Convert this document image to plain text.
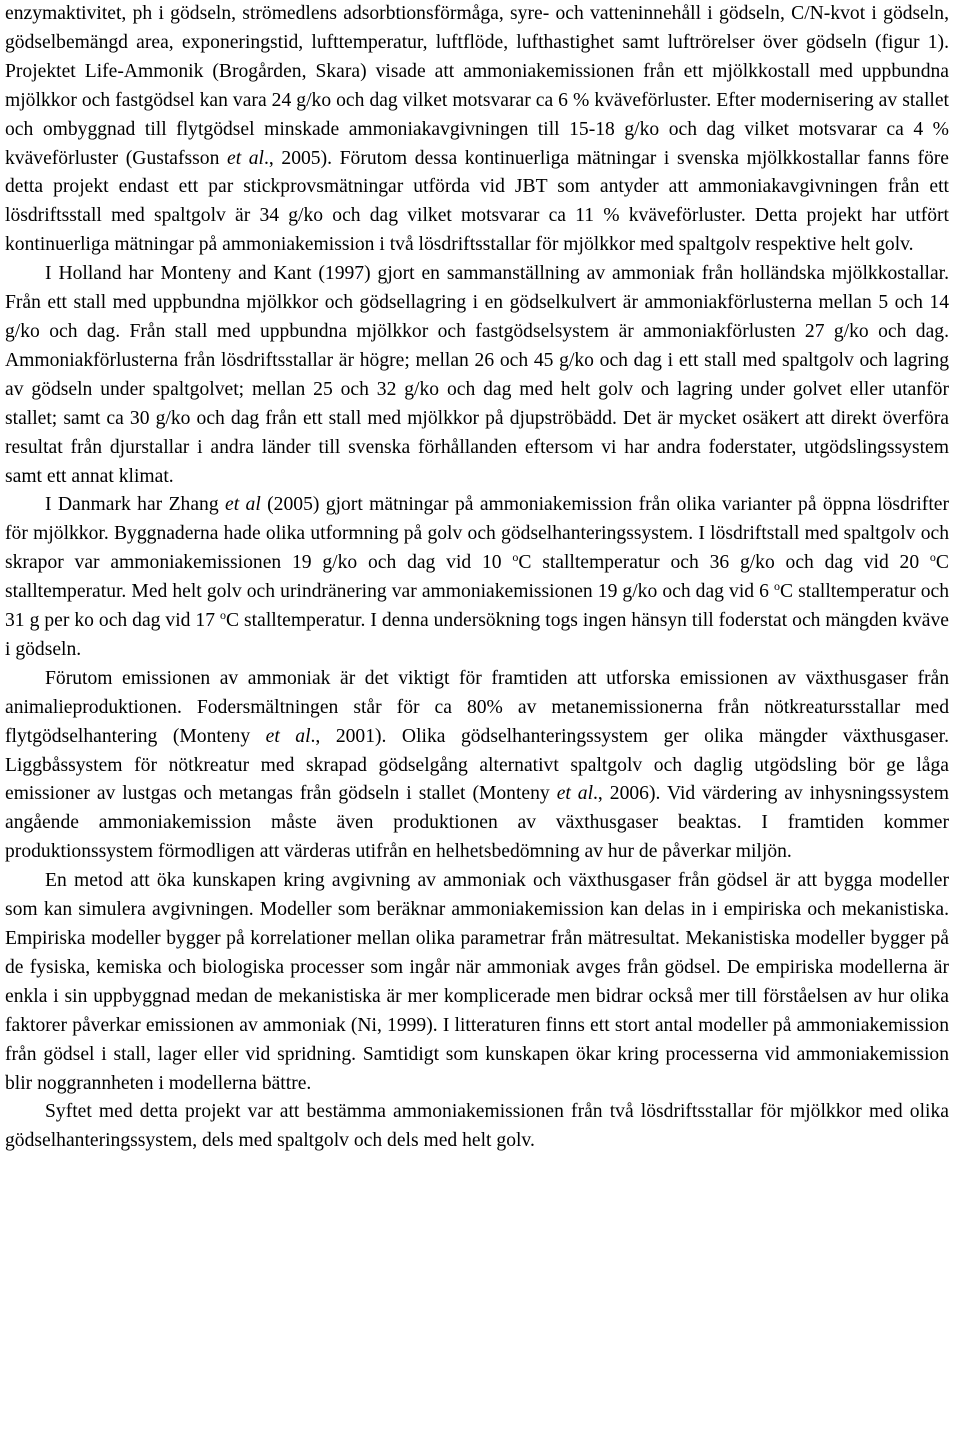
enzymaktivitet, ph i gödseln, strömedlens adsorbtionsförmåga, syre- och vatteninnehåll i gödseln, C/N-kvot i gödseln, gödselbemängd area, exponeringstid, lufttemperatur, luftflöde, lufthastighet samt luftrörelser över gödseln (figur 1). Projektet Life-Ammonik (Brogården, Skara) visade att ammoniakemissionen från ett mjölkkostall med uppbundna mjölkkor och fastgödsel kan vara 24 g/ko och dag vilket motsvarar ca 6 % kväveförluster. Efter modernisering av stallet och ombyggnad till flytgödsel minskade ammoniakavgivningen till 15-18 g/ko och dag vilket motsvarar ca 4 % kväveförluster (Gustafsson et al., 2005). Förutom dessa kontinuerliga mätningar i svenska mjölkkostallar fanns före detta projekt endast ett par stickprovsmätningar utförda vid JBT som antyder att ammoniakavgivningen från ett lösdriftsstall med spaltgolv är 34 g/ko och dag vilket motsvarar ca 11 % kväveförluster. Detta projekt har utfört kontinuerliga mätningar på ammoniakemission i två lösdriftsstallar för mjölkkor med spaltgolv respektive helt golv.

I Holland har Monteny and Kant (1997) gjort en sammanställning av ammoniak från holländska mjölkkostallar. Från ett stall med uppbundna mjölkkor och gödsellagring i en gödselkulvert är ammoniakförlusterna mellan 5 och 14 g/ko och dag. Från stall med uppbundna mjölkkor och fastgödselsystem är ammoniakförlusten 27 g/ko och dag. Ammoniakförlusterna från lösdriftsstallar är högre; mellan 26 och 45 g/ko och dag i ett stall med spaltgolv och lagring av gödseln under spaltgolvet; mellan 25 och 32 g/ko och dag med helt golv och lagring under golvet eller utanför stallet; samt ca 30 g/ko och dag från ett stall med mjölkkor på djupströbädd. Det är mycket osäkert att direkt överföra resultat från djurstallar i andra länder till svenska förhållanden eftersom vi har andra foderstater, utgödslingssystem samt ett annat klimat.

I Danmark har Zhang et al (2005) gjort mätningar på ammoniakemission från olika varianter på öppna lösdrifter för mjölkkor. Byggnaderna hade olika utformning på golv och gödselhanteringssystem. I lösdriftstall med spaltgolv och skrapor var ammoniakemissionen 19 g/ko och dag vid 10 $^o$C stalltemperatur och 36 g/ko och dag vid 20 $^o$C stalltemperatur. Med helt golv och urindränering var ammoniakemissionen 19 g/ko och dag vid 6 $^o$C stalltemperatur och 31 g per ko och dag vid 17 $^o$C stalltemperatur. I denna undersökning togs ingen hänsyn till foderstat och mängden kväve i gödseln.

Förutom emissionen av ammoniak är det viktigt för framtiden att utforska emissionen av växthusgaser från animalieproduktionen. Fodersmältningen står för ca 80% av metanemissionerna från nötkreatursstallar med flytgödselhantering (Monteny et al., 2001). Olika gödselhanteringssystem ger olika mängder växthusgaser. Liggbåssystem för nötkreatur med skrapad gödselgång alternativt spaltgolv och daglig utgödsling bör ge låga emissioner av lustgas och metangas från gödseln i stallet (Monteny et al., 2006). Vid värdering av inhysningssystem angående ammoniakemission måste även produktionen av växthusgaser beaktas. I framtiden kommer produktionssystem förmodligen att värderas utifrån en helhetsbedömning av hur de påverkar miljön.

En metod att öka kunskapen kring avgivning av ammoniak och växthusgaser från gödsel är att bygga modeller som kan simulera avgivningen. Modeller som beräknar ammoniakemission kan delas in i empiriska och mekanistiska. Empiriska modeller bygger på korrelationer mellan olika parametrar från mätresultat. Mekanistiska modeller bygger på de fysiska, kemiska och biologiska processer som ingår när ammoniak avges från gödsel. De empiriska modellerna är enkla i sin uppbyggnad medan de mekanistiska är mer komplicerade men bidrar också mer till förståelsen av hur olika faktorer påverkar emissionen av ammoniak (Ni, 1999). I litteraturen finns ett stort antal modeller på ammoniakemission från gödsel i stall, lager eller vid spridning. Samtidigt som kunskapen ökar kring processerna vid ammoniakemission blir noggrannheten i modellerna bättre.

Syftet med detta projekt var att bestämma ammoniakemissionen från två lösdriftsstallar för mjölkkor med olika gödselhanteringssystem, dels med spaltgolv och dels med helt golv.
